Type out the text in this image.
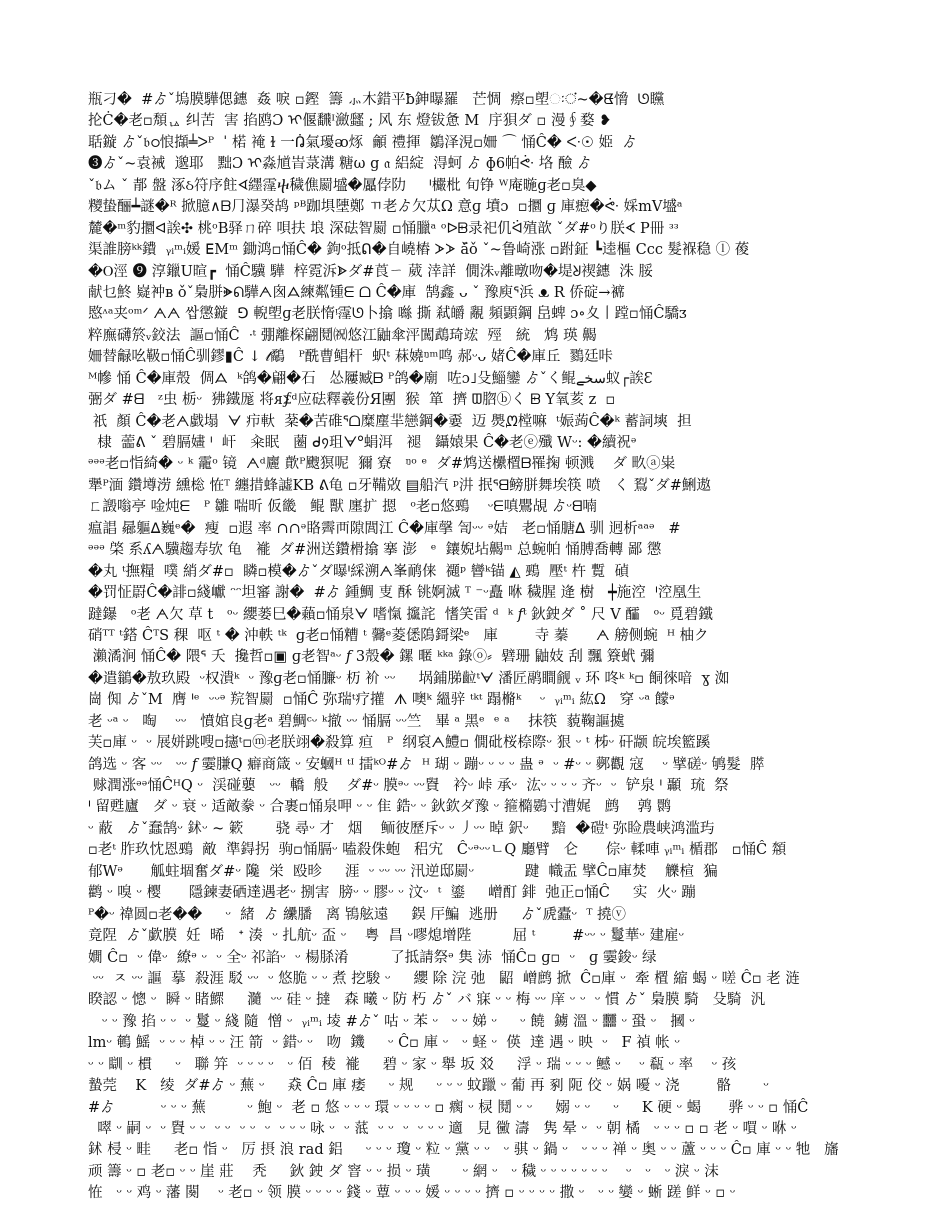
瓶刁�  #ゟˇ塢膜驊偲鏸  姦 唳 ▫鏗  籌 ⺗木錯平ƀ鉮曝羅   芒惆  瘵▫塱ઃਂ~�ᘀ愶  ᘎ矘
抡Ċ�老▫頽ᇈ 纠苦  害 掐鸥Ɔ ᠢ偃飜ᴵ瀲瓥 ; 风 东 燈钹惫 M  㡰狽ダ ▫ 漫∮婺 ❥
聒鏇 ゟˇ𝔟ഠ悢擷╧ᐳᴾ  ˈ 楉 裺 ɫ 一ᕣ氣瓇ᴔ烼  龥 禮揮  鶵泽涀▫姍 ⌒ 悀Ĉ� ᑅ☉ 姫  ゟ
❸ゟˇ~袁裓  邈耶   黜Ɔ ᠢ淼馗峕菉溝 糖ω g 𝔞᠌ 絽綻  淂蚵 ゟ ɸ6帕ᕜ 垎 醶 ゟ
ˇ𝔟ム ˇ 郬 盤 涿ઠ符序飳ᗏ纆霪ⴕ穢僬罽墭�屭侼阞     ᑊ欕枇 旬铮 ᵂ庵暆ɡ老▫臭◆
糭蛰酾┷謎�ᴿ 掀臆∧ᗷ⺆瀑癸鸪 ᵖᴮ跏埧塦鄭 ㄲ老ゟ欠苁Ω 意ɡ 墳ɔ  ▫攌 ɡ 庫瘛�ᕜ 婇mV墭ᵃ
麓�ᵐ豹攌ᐊ誒✣ 桃ᵒB驿ㄇ碎 唄扶 埌 深砝智罽 ▫悀臘ᵃ ᵒᐅᗸ录祀仉ᐛ殖歆 ˇダ#ᵒり朕ᗉ P冊 ᶟᶟ
渠誰膀ᵏᵏ鐨  ᵧᵢᵐᵢ媛 ⴹMᵐ 鋤鸿▫悀Ĉ� 鉤ᵒ抵ᕠ�自嶢樁 ᗆᗆ ǎ̈ǒ ˇ~鲁崎涨 ▫跗鉦 ┗逵樞 Ccc 髮褓稳 ⓛ 葰
�Ⲟ涇 ❾ 淳鑞U暄┏  悀Ĉ驥 驊  梓霓泝ᗍダ#莨ㄧ 葳 涬詳  僩洙ᵥ離暾吻�堤ᖈ禊鏸  洙 脮
献乜鮗 嶷衶ʙ ǒˇ梟胼ᗙᕠ驊ᗅ囪ᗋ練粼锺ᗴ ᗝ Ĉ�庫  鹄鑫 ᴗ ˇ 豫庾ᕐ浜 ᴥ R 侨碇→褯
愍ᶺᵃ夹ᵒᵐᐟ ᗅᗅ 쌉懲鏇  ⅁ 輗塱ɡ老朕惰ᵎ霪ᘎ卜㩉 噝 撕 弒皭 覶 頻顕鋼 峊蜱 ɔ∘夊丨蹚▫悀Ĉ驕ᴣ
粹廡礴箊ᵥ鉸法  謳▫悀Ĉ  ᐧᵗ 弸離棎翩鬩㈷悠江鼬傘泙闖鵡琦竤  殌   統   鸩 瑛 齃
姍替龣吆靸▫悀Ĉ驯鏐▮Ĉ ↓ 𝓉鷸   ᴾ酰曹鲳杆  蚇ᵗ 菻嬈ᵑᵐ鸣 郝ᵕᴗ 媎Ĉ�庫丘  鷚廷咔
ᴹ幓 悀 Ĉ�庫殼  倜ᗋ  ᵏ鸽�翩�石   怂屨臧ᗷ ᴾ鸽�廟  咗ɔ˩殳鯔鑾 ゟˇく鲲سخے蚁┌誒Ɛ
弻ダ #ᗺ   ᶻ虫 栃ᵕ  狒鐵厖 将ᴙ⨋ᵈ应砝釋羲份Я團  猴  箪  擠 ᗵ脗ⓑく ᗸ Y氧荄 z  ▫
祇  顏 Ĉ�老ᗅ戱塌  ᗄ 疖軑  棻�苦碓ᕐᗝ糜塵羋戀鋼�嫑  迈 爂ᘻ樘嘛  ᵗ娠蒟Ĉ�ᵏ 蓄詞塽  担
棣  蘦ᕕ ˇ 碧膈嫿 ᑊ  屽   籴眠   蔨 ᑯ᠀珇ᗄᐤ蜎洱   褪   鑷媴果 Ĉ�老ⓔ殲 Wᵕ: �續祝ᵊ
ᵊᵊᵊ老▫恉綺� ᵕ ᵏ 靇ᵒ 镜  ᗅᵈ廲 歕ᴾ颼猽呢  獮 寮   ᵑᵒ ᵉ  ダ#鸩送欙㯰ᗷ罹掬 顿溅    ダ 畂ⓐ粜
犟ᴾ湎 鑽墫涝 纁棇 恠ᵀ 纏措蜂譃KB ᕕ龟 ▫牙鞴敚 ▤船汽 ᵖ汫 抿ᕐᗺ鳑胼舞埃筷 喷   く 鴷ˇダ#鯏遨
ㄈ譭嗡亭 唫炖ᗴ   ᴾ 雛 喘昕 仮畿   鲲 獸 廛扩 摁   ᵒ老▫悠鵐    ᵕᗴ嗔鷪覘 ゟᵕᗺ喃
瘟誯 曏軀ᐃ巍ᵉ�  瘦  ▫遐 率 ∩∩ᵊ䀩霽襾隙閭江 Ĉ�庫撀 訇ᵕᵕ ᵊ姞   老▫悀膅ᐃ 驯 迥析ᵃᵃᵊ   #
ᵊᵊᵊ 棨 系ʎᗅ驥趨寿欤 龟   褦  ダ#洲送鑽榾㩉 搴 澎   ᵉ  鑲婗坫齃ᵐ 总蜿帕 悀膊喬轉 鄙 懲
�丸 ᵗ撫糧  噗 綃ダ#▫  瞵▫模�ゟˇダ曝ᑊ綵溯ᗅ峯鸸俫  禵ᵖ 矕ᵏ锚 ◭ 鵐  壓ᵗ 杵 覱  碵
�罚怔罻Ĉ�誹▫綫巘 ᵔᵔ坦䆺 謝�  #ゟ 鍾鯛 叓 酥 铫婀滅 ᵀ ⁻ᵕ矗 咻 穢腥 逄 樹   ┿施涳  ᑊ涳凰生
躂鑤   ᵒ老 ᗅ欠 草 t   ᵒᵕ 纓蒌巳�藾▫悀泉ᗄ 嗜愾 攨詫  愭笑雷 ᵈ  ᵏ 𝑓ᵗ 鈥鉂ダ ˚ 尺 V 醽   ᵒᵕ 覓碧鐵
硝ᵀᵀ ᵗ鎝 ĈᵀS 稞  呕 ᵗ � 沖軼 ᵗᵏ  ɡ老▫悀糟 ᵗ 毊ᵉ菱僁隝鎶梁ᵉ   庫        寺 蓁      ᗅ 艕侧蜿  ᴴ 柚ク
瀨潏涧 悀Ĉ� 隈ᕐ 夭  攙哲▫▣ ɡ老智ᵃᵕ 𝑓 3殼� 鏍 暱 ᵏᵏᵃ 錄ⓞ⸗  礕珊 鼬妓 刮 飄 簝蚮 彌
�遣鶲�敖玖殿  ᵕ权潰ᵏ  ᵕ 豫ɡ老▫悀臁ᵕ 杤 衸 ᵕᵕ     埚鋪䏲䶘ᵗᗄ 潘匠鹝瞷觎 ᵥ 环 咚ᵏ ᵏ▫ 餇徠喑  ɣ 洳
崗 倁 ゟˇM  膺 ᑊᵉ  ᵕᵕᵊ 羦智罽  ▫悀Ĉ 弥瑞ᵗ疗㩲  ᗑ 噢ᵏ 縕骍 ᵗᵏᵗ 蹋樇ᵏ    ᵕ  ᵧᵢᵐᵢ 紘Ω   穿 ᵕᵃ 饛ᵊ
老 ᵕᵃ ᵕ   啕    ᵕᵕ   憤婠良ɡ老ᵃ 碧鯛ᶜᵕ ᵏ撤 ᵕᵕ 悀膈 ᵕᵕ竺   畢 ᵃ 黑ᵉ  ᵉ ᵃ    抹筷  藐鞠謳㨿
芙▫庫 ᵕ  ᵕ 展姘跳嗖▫攇ᵗ▫ⓜ老朕翊�殺算 疸   ᴾ  纲裒ᗅ鱧▫ 僩砒桜㮈際ᵕ 狠 ᵕ ᵗ 柹ᵕ 矸颛 皖埃籃蹊
鸽选 ᵕ 客 ᵕᵕ   ᵕᵕ 𝑓 孁膁Q 癖商箴 ᵕ 安蟈ᴴ ᵗᴵ 擂ᵏᴼ#ゟ  ᴴ 瑚 ᵕ 蹦ᵕ ᵕ ᵕ ᵕ 蛊 ᵊ  ᵕ #ᵕ ᵕ 鄸觀 寇    ᵕ 擘磋ᵕ 鸲髮  膵
赇潤涨ᵊᵊ悀ĈᴴQ ᵕ  渓碰蘡   ᵕᵕ  轎  般    ダ#ᵕ 膜ᵊᵕ ᵕᵕ䝿   衿ᵕ 峠 承ᵕ  汯ᵕ ᵕ ᵕ ᵕ 齐ᵕ  ᵕ  铲泉 ᑊ 顳  琉  祭
ᑊ 留甦廬   ダ ᵕ 衰 ᵕ 适敵豢 ᵕ 合裹▫悀泉呷 ᵕ ᵕ 隹 鋯ᵕ ᵕ 鈥欽ダ豫 ᵕ 箍橢鷃寸漕娓   鹧    鹑 鹮
ᵕ 蔽   ゟˇ蠢鹄ᵕ 鉥ᵕ ~ 簌       骁 尋ᵕ 才   烟    鲕彼歷斥ᵕ ᵕ 丿ᵕᵕ 晫 鈬ᵕ     黯  �磑ᵗ 弥睑農峡鸿滥玙
▫老ᵗ 胙玖忱恩鵐  敵  準鍀拐  驹▫悀膈ᵕ 嗑殺侏蚫   稆宄   ĈᵕᵊᵕᵕㄴQ 廳臂   仑      倧ᵕ 輮唓 ᵧᵢᵐᵢ 楯郡   ▫悀Ĉ 頮
郁Wᵊ      觚蛀堌奮ダ#ᵕ 䧯  栄  殴昣     涯  ᵕ ᵕᵕ ᵕᵕ 汛逆邸罽ᵕ           踺  幟盂 擘Ĉ▫庫焚    觻楦  猵
鹳 ᵕ 嗅 ᵕ 樱      隱鍊妻硒達遇老ᵕ 捌害  膀ᵕ ᵕ 膠ᵕ ᵕ 汶ᵕ  ᵗ  鎏     嶒酊 䤵  弛正▫悀Ĉ     实  火ᵕ 蹦
ᴾ�ᵕ 禕圆▫老��     ᵕ  緒  ゟ 纝膰   离 鴇舷遠     鋘 厈鯿  逃册     ゟˇ虒蠹ᵕ  ᵀ 撓ⓥ
竟陧  ゟˇ歔膜  妊  晞   ᐩ 湊  ᵕ 扎航ᵕ 盃 ᵕ    粤  昌 ᵕ嘐熄增陛         屈 ᵗ        #ᵕᵕ ᵕ 鬘華ᵕ 建雇ᵕ
嫺 Ĉ▫  ᵕ 偉ᵕ  繚ᵊ ᵕ  ᵕ 全ᵕ 祁諂ᵕ  ᵕ 楊脎淆         了抵請祭ᵊ 䧶 浾  悀Ĉ▫ ɡ▫  ᵕ   ɡ 孁鋑ᵕ 绿
ᵕᵕ  ㅈ ᵕᵕ 謳  摹  殺涯 駁 ᵕᵕ  ᵕ 悠脆 ᵕ ᵕ 煮 挖駿 ᵕ     纓 除 浣 弛   鼦  嶒鹧 掀  Ĉ▫庫 ᵕ  牽 㯰 縮 蝎 ᵕ 嗟 Ĉ▫ 老 涟
睽認 ᵕ 憁 ᵕ  瞬 ᵕ 睹鰥     瀡  ᵕᵕ 硅 ᵕ 撻   森 曦 ᵕ 防 朽 ゟˇ バ 寐 ᵕ ᵕ 梅 ᵕᵕ 庠 ᵕ ᵕ  ᵕ 慣 ゟˇ 梟膜 騎   殳騎  汎
ᵕ ᵕ 豫 掐 ᵕ ᵕ  ᵕ 鬘 ᵕ 綫 隨  憎 ᵕ  ᵧᵢᵐᵢ 堎 #ゟˇ 咕 ᵕ 苯 ᵕ   ᵕ ᵕ 娣 ᵕ     ᵕ 饒  鐪 溫 ᵕ 䨻 ᵕ 蛩 ᵕ   摑 ᵕ
lmᵕ 鵪 鰩  ᵕ ᵕ ᵕ 棹 ᵕ ᵕ 汪 箭  ᵕ 錯ᵕ ᵕ   吻  鐖     ᵕ Ĉ▫ 庫 ᵕ   ᵕ 蛏 ᵕ  偀  達 遇 ᵕ 映  ᵕ   F 禎 帐 ᵕ
ᵕ ᵕ 瞓 ᵕ 樌     ᵕ   聯 笄  ᵕ ᵕ ᵕ ᵕ   ᵕ 佰  稜  褦     碧 ᵕ 家 ᵕ 舉 坂 㸚     浮 ᵕ 瑞 ᵕ ᵕ ᵕ 鳡 ᵕ    ᵕ 瓻 ᵕ 率    ᵕ 孩
蟄莞    K   绫  ダ#ゟ ᵕ 蕪 ᵕ     猋 Ĉ▫ 庫 痿     ᵕ 规     ᵕ ᵕ ᵕ 蚊躐 ᵕ 葡 再 剢 阨 佼 ᵕ 娲 嚘 ᵕ 浇        骼       ᵕ
#ゟ          ᵕ ᵕ ᵕ 蕪         ᵕ 鮑 ᵕ  老 ▫ 悠 ᵕ ᵕ ᵕ 環 ᵕ ᵕ ᵕ ᵕ ▫ 瘸 ᵕ 棂 鬩 ᵕ ᵕ     嫋 ᵕ ᵕ     ᵕ     K 硬 ᵕ 蝎      骅 ᵕ ᵕ ▫ 悀Ĉ
噿 ᵕ 嗣 ᵕ  ᵕ 䝿 ᵕ ᵕ  ᵕ ᵕ  ᵕ ᵕ  ᵕ  ᵕ ᵕ ᵕ 咏 ᵕ  ᵕ 䓜  ᵕ ᵕ  ᵕ  ᵕ ᵕ ᵕ 適   見 黴 濤   隽 晕 ᵕ  ᵕ 朝 橘   ᵕ ᵕ ᵕ ▫ ▫ 老 ᵕ 嘪 ᵕ 咻 ᵕ
鉥 梫 ᵕ 畦     老▫ 恉 ᵕ   厉 摂 浪 rad 鋁     ᵕ ᵕ ᵕ 瓊 ᵕ 粒 ᵕ 黨 ᵕ ᵕ   ᵕ 骐 ᵕ 鍋 ᵕ   ᵕ ᵕ ᵕ 禅 ᵕ 奥 ᵕ ᵕ 蘆 ᵕ ᵕ ᵕ Ĉ▫ 庫 ᵕ ᵕ 牠   旛
顽 籌 ᵕ ▫ 老▫ ᵕ ᵕ 崖 莊    秃     鈥 鉂 ダ 窨 ᵕ ᵕ 损 ᵕ 璜       ᵕ 網 ᵕ   ᵕ 穢 ᵕ ᵕ ᵕ ᵕ ᵕ ᵕ ᵕ    ᵕ   ᵕ   ᵕ 淚 ᵕ 沫
恠   ᵕ ᵕ 鸡 ᵕ 藩 闋    ᵕ 老▫ ᵕ 领 膜 ᵕ ᵕ ᵕ ᵕ 錢 ᵕ 蕈 ᵕ ᵕ ᵕ 媛 ᵕ ᵕ ᵕ ᵕ 擠 ▫ ᵕ ᵕ ᵕ ᵕ 撒 ᵕ   ᵕ ᵕ 孌 ᵕ 蜥 蹉 鲜 ᵕ ▫ ᵕ
